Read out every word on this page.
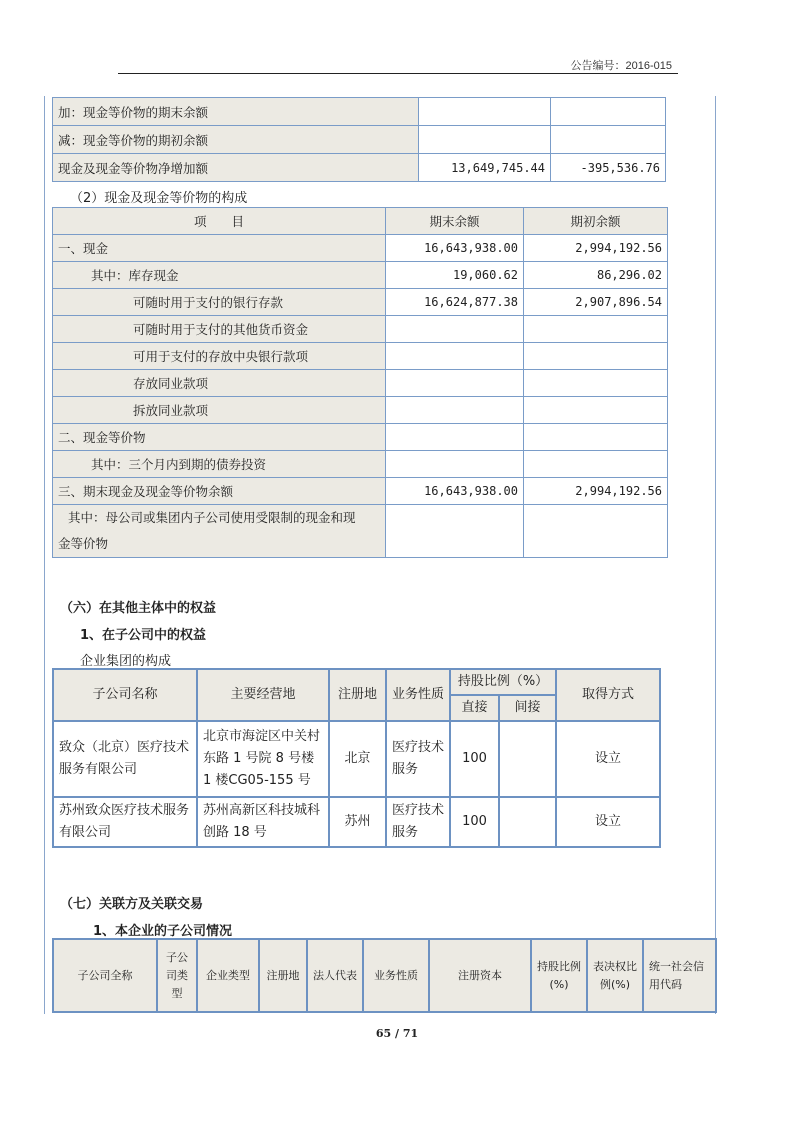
公告编号：2016-015
加：现金等价物的期末余额		
减：现金等价物的期初余额		
现金及现金等价物净增加额	13,649,745.44	-395,536.76
（2）现金及现金等价物的构成
项　　目	期末余额	期初余额
一、现金	16,643,938.00	2,994,192.56
其中：库存现金	19,060.62	86,296.02
可随时用于支付的银行存款	16,624,877.38	2,907,896.54
可随时用于支付的其他货币资金		
可用于支付的存放中央银行款项		
存放同业款项		
拆放同业款项		
二、现金等价物		
其中：三个月内到期的债券投资		
三、期末现金及现金等价物余额	16,643,938.00	2,994,192.56

其中：母公司或集团内子公司使用受限制的现金和现
金等价物		

（六）在其他主体中的权益
1、在子公司中的权益
企业集团的构成
子公司名称	主要经营地	注册地	业务性质	持股比例（%）		取得方式
				直接	间接	
致众（北京）医疗技术服务有限公司	北京市海淀区中关村东路 1 号院 8 号楼 1 楼CG05-155 号	北京	医疗技术服务	100		设立
苏州致众医疗技术服务有限公司	苏州高新区科技城科创路 18 号	苏州	医疗技术服务	100		设立
（七）关联方及关联交易
1、本企业的子公司情况
子公司全称	子公司类型	企业类型	注册地	法人代表	业务性质	注册资本	持股比例(%)	表决权比例(%)	统一社会信用代码
65 / 71
